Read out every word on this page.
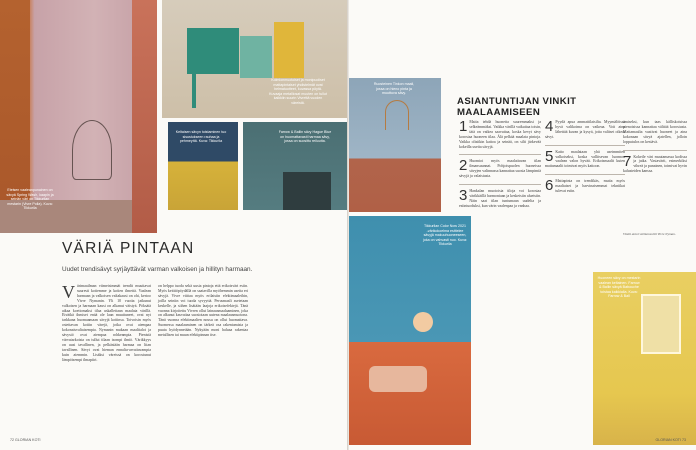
Eteisen vaaleanpunainen on sävyä Spring Wash, kaapin ja seinän väri on Tikkurilan mestarin (Vivre Polla). Kuva: Tikkurila
Kolmionmuotoiset ja monipuoliset mattapintaiset yhdistelmät ovat helmatuotteet, kuvassa pöytä. Kuvaaja metalliosat muuten on tullut kaikkiin suurin Vivrettä vuoden väreistä.
Keltaisen sävyn toistaminen tuo sisustukseen rauhaa ja pehmeyttä. Kuva: Tikkurila
Farrow & Ballin sävy Hague Blue on huomattavasti harmaa sävy, jossa on suosittu reiluutta.
VÄRIÄ PINTAAN
Uudet trendisävyt syrjäyttävät varman valkoisen ja hillityn harmaan.
V ärimaailman viimeisimmät trendit muuttavat suuresti kotiemme ja kotien ilmettä. Vaalean harmaan ja valkoisen valtakausi on ohi, kertoo Vivre Nymanin. Yli 10 vuotta jatkunut valkoisen ja harmaan kausi on alkanut väistyä. Pöksätä aikaa koettomaksi tilaa uskallettaan maalata värillä. Eivätkä ihmiset enää ole laan muuttuneet, ovat nyt tarkkana huomaamaan sävyjä kotiinsa. Toivoisin myös ostettavan kotiin värejä, jotka ovat aiempaa kokonaisvaltaisempia. Nymanin mukaan maalitalot ja sävystö ovat aiempaa rohkeampia. Pienistä värvatarkoista on tullut tilaan isompi ilmiö. Värikkyys on uusi tavallinen, ja pelkästään harmaa on liian tavallinen. Sävyt ovat hieman ennalta-arvattavampia kuin aiemmin. Lisäksi väreissä on korostunut lämpöisempi ilmapiiri.
on helppo tuoda sekä uusia pintoja että erikoisväri esiin. Myös keittiöpöydällä on saatavilla myöhemmin useita eri sävyjä. Vivre viittaa myös erilaisiin efektimaaleihin, joilla seiniin voi tuoda syvyyttä. Perusmaali asetetaan keskelle, ja siihen lisätään laajoja erikoisefektejä. Tänä vuonna kirjoitettu Vivren ollut lainausmaalaaminen, joka on alkanut kasvattaa suosiotaan uutena maalausmuotona. Tänä vuonna efektimaalien nousu on ollut huomattava. Suomessa maalaaminen on tärkeä osa rakentamista ja puuta hyödynnetään. Nykyään moni haluaa rakentaa metallisen tai muun efektipinnan itse.
72 GLORIAN KOTI
Ruosteinen Tinkon maali, jossa on hieno pinta ja muuttuva sävy.
Tikkurilan Color Now 2021 -värikokoelma esittelee sävyjä makuuhuoneeseen, joka on vahvasti nuo. Kuva: Tikkurila
Huoneen sävy on mestarin vaalean keltainen. Farrow & Ballin sävyä Babouche toistaa kaikkialla. Kuva: Farrow & Ball
ASIANTUNTIJAN VINKIT MAALAAMISEEN
1 Maita tehdä huonetta suuremmaksi ja selkeämmäksi. Vaikka värillä vaikuttaa toisin, tätä on vaikea saavuttaa, koska kevyt sävy korostaa huoneen tilaa. Älä pelkää maalata pintoja. Vaikka olisitkin kattoa ja seinää, on silti järkevää kokeilla useita sävyjä.
2 Huomioi myös maalattavan tilan ilmansuunnat. Pohjoispuolen huoneissa sävyjen valinnassa kannattaa suosia lämpimiä sävyjä ja valaistusta.
3 Hankalan muotoisia tiloja voi korostaa värikkäillä harmoniaan ja keskeisiin alueisiin. Näin saat tilan tuntumaan uudelta ja esiintuoduksi, kun värin vaalenpaa ja vanhaa.
4 Pyydä apua ammattilaisilta. Myymälöissä hyvä valikoima on vaikeaa. Voit aina lähettää kuvan ja kysyä, jotta valitset oikeat sävyt.
5 Katto maalataan yhä useimmiten valkoiseksi, koska vallitsevan luonnon vaalean valon hyvää. Erikoismaalit kuten mattamaalit toimivat myös kattoon.
6 Mattapinta on trendikäs, mutta myös maaltaiset ja harvinaisemmat tekniikat tulevat esiin.
amiseksi, kun taas källiskoisissa pienoisissa kannattaa välttää korostusta. Mattamaalia vaativat huoneet ja aina kokonaan sävyä ajatellen, jolloin lopputulos on kestävä.
7 Kokeile väri muutamassa kodissa ja jatka. Vastavärit, esimerkiksi vihreä ja punainen, toimivat hyvin kalusteiden kanssa.
Vinkit antoi värikonsultti Vivre Nyman.
GLORIAN KOTI 73
